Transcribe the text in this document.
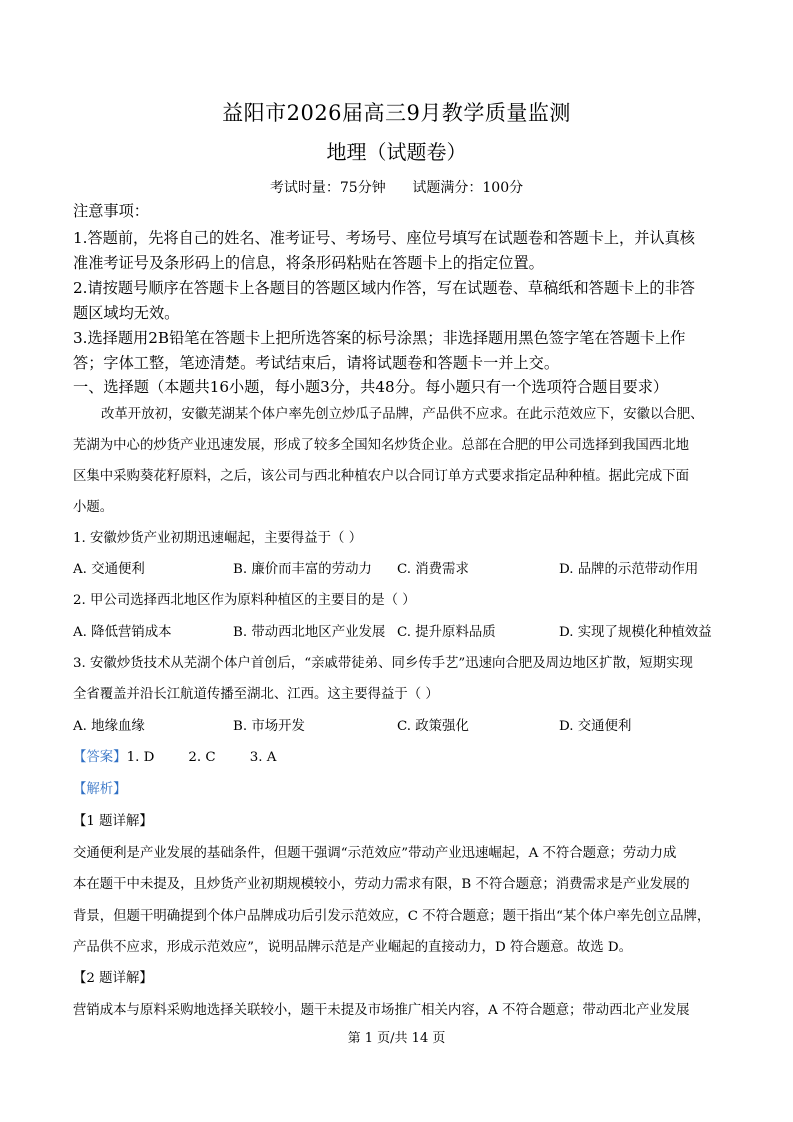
益阳市2026届高三9月教学质量监测
地理（试题卷）
考试时量：75分钟      试题满分：100分
注意事项：
1.答题前，先将自己的姓名、准考证号、考场号、座位号填写在试题卷和答题卡上，并认真核
准准考证号及条形码上的信息，将条形码粘贴在答题卡上的指定位置。
2.请按题号顺序在答题卡上各题目的答题区域内作答，写在试题卷、草稿纸和答题卡上的非答
题区域均无效。
3.选择题用2B铅笔在答题卡上把所选答案的标号涂黑；非选择题用黑色签字笔在答题卡上作
答；字体工整，笔迹清楚。考试结束后，请将试题卷和答题卡一并上交。
一、选择题（本题共16小题，每小题3分，共48分。每小题只有一个选项符合题目要求）
改革开放初，安徽芜湖某个体户率先创立炒瓜子品牌，产品供不应求。在此示范效应下，安徽以合肥、
芜湖为中心的炒货产业迅速发展，形成了较多全国知名炒货企业。总部在合肥的甲公司选择到我国西北地
区集中采购葵花籽原料，之后，该公司与西北种植农户以合同订单方式要求指定品种种植。据此完成下面
小题。
1. 安徽炒货产业初期迅速崛起，主要得益于（ ）
A. 交通便利	B. 廉价而丰富的劳动力 C. 消费需求	D. 品牌的示范带动作用
2. 甲公司选择西北地区作为原料种植区的主要目的是（ ）
A. 降低营销成本	B. 带动西北地区产业发展 C. 提升原料品质	D. 实现了规模化种植效益
3. 安徽炒货技术从芜湖个体户首创后，“亲戚带徒弟、同乡传手艺”迅速向合肥及周边地区扩散，短期实现
全省覆盖并沿长江航道传播至湖北、江西。这主要得益于（ ）
A. 地缘血缘	B. 市场开发	C. 政策强化	D. 交通便利
【答案】1. D        2. C        3. A
【解析】
【1 题详解】
交通便利是产业发展的基础条件，但题干强调“示范效应”带动产业迅速崛起，A 不符合题意；劳动力成
本在题干中未提及，且炒货产业初期规模较小，劳动力需求有限，B 不符合题意；消费需求是产业发展的
背景，但题干明确提到个体户品牌成功后引发示范效应，C 不符合题意；题干指出“某个体户率先创立品牌，
产品供不应求，形成示范效应”，说明品牌示范是产业崛起的直接动力，D 符合题意。故选 D。
【2 题详解】
营销成本与原料采购地选择关联较小，题干未提及市场推广相关内容，A 不符合题意；带动西北产业发展
第 1 页/共 14 页
